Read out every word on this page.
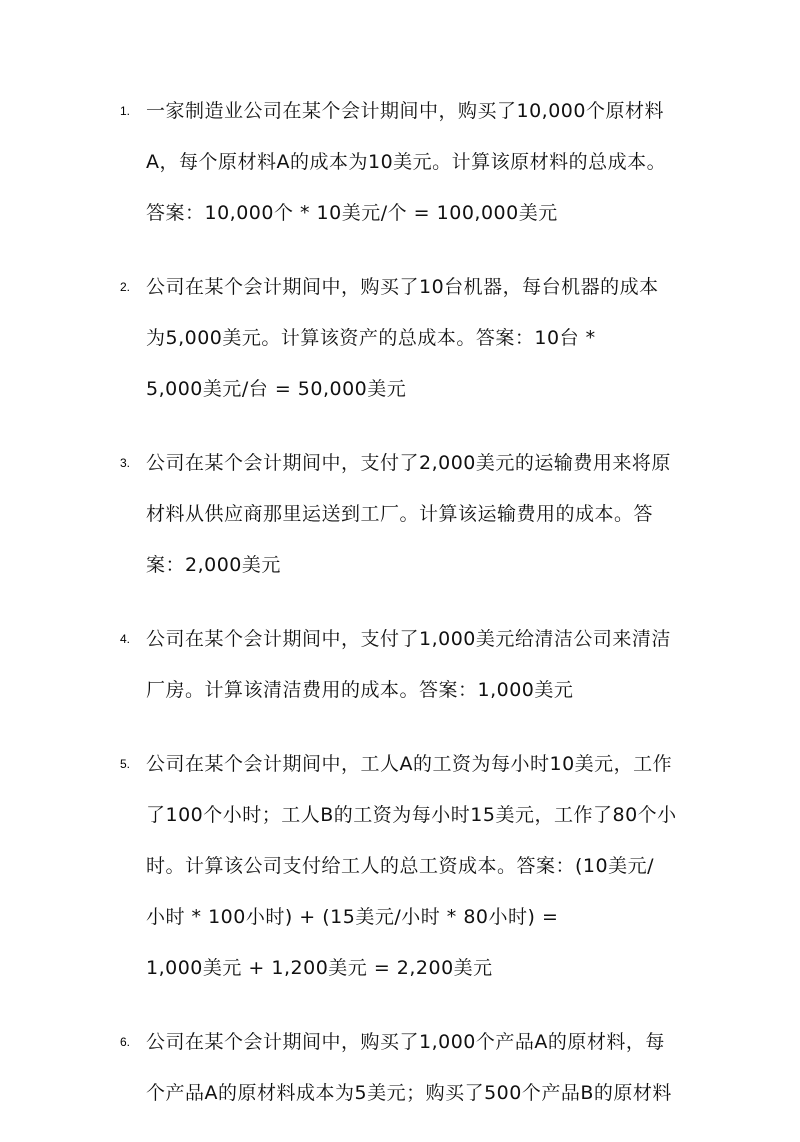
1. 一家制造业公司在某个会计期间中，购买了10,000个原材料
A，每个原材料A的成本为10美元。计算该原材料的总成本。
答案：10,000个 * 10美元/个 = 100,000美元

2. 公司在某个会计期间中，购买了10台机器，每台机器的成本
为5,000美元。计算该资产的总成本。答案：10台 *
5,000美元/台 = 50,000美元

3. 公司在某个会计期间中，支付了2,000美元的运输费用来将原
材料从供应商那里运送到工厂。计算该运输费用的成本。答
案：2,000美元

4. 公司在某个会计期间中，支付了1,000美元给清洁公司来清洁
厂房。计算该清洁费用的成本。答案：1,000美元

5. 公司在某个会计期间中，工人A的工资为每小时10美元，工作
了100个小时；工人B的工资为每小时15美元，工作了80个小
时。计算该公司支付给工人的总工资成本。答案：(10美元/
小时 * 100小时) + (15美元/小时 * 80小时) =
1,000美元 + 1,200美元 = 2,200美元

6. 公司在某个会计期间中，购买了1,000个产品A的原材料，每
个产品A的原材料成本为5美元；购买了500个产品B的原材料
